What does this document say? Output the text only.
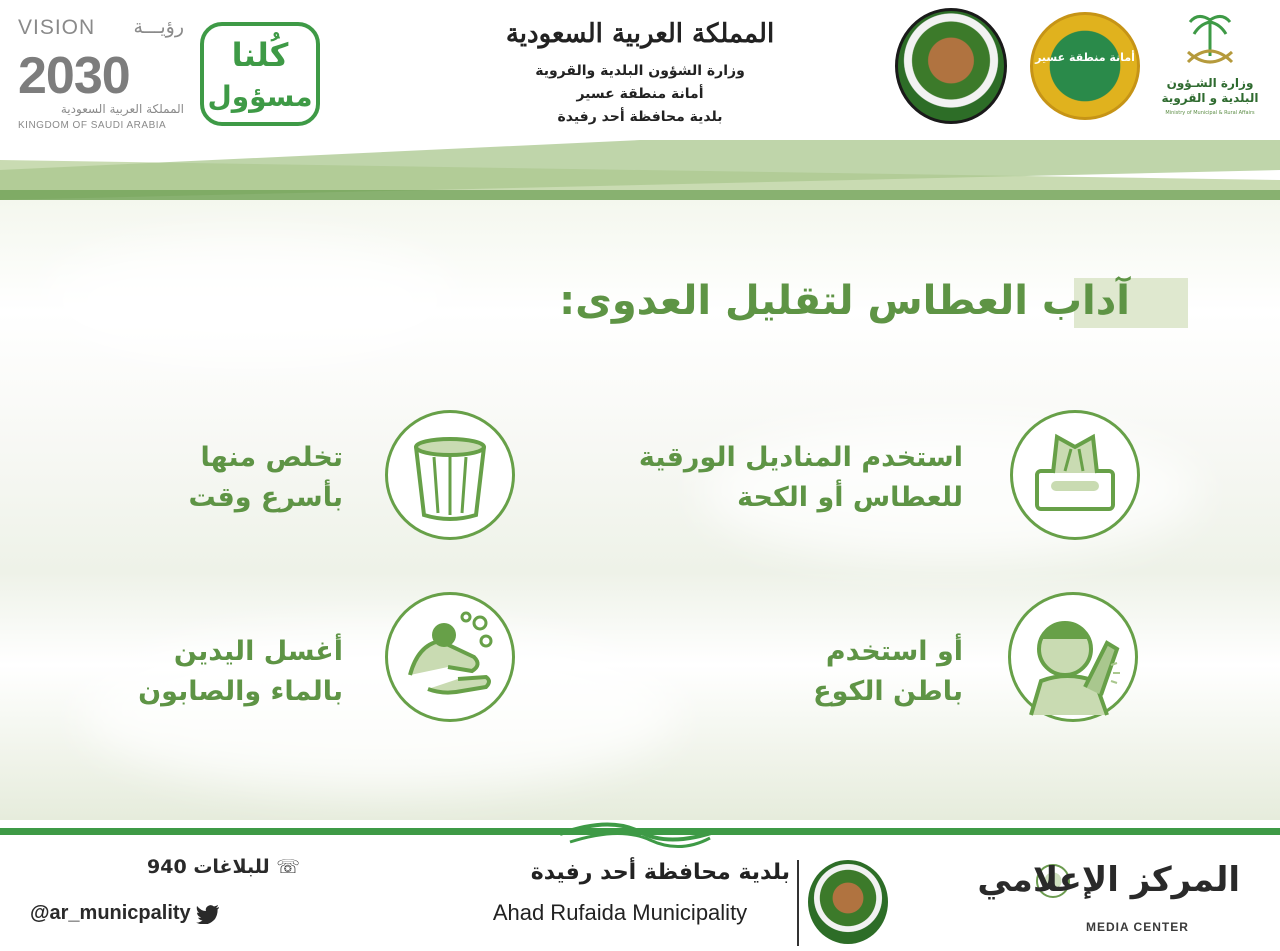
VISION رؤيـــة
2030
المملكة العربية السعودية
KINGDOM OF SAUDI ARABIA
كُلنا
مسؤول
المملكة العربية السعودية
وزارة الشؤون البلدية والقروية
أمانة منطقة عسير
بلدية محافظة أحد رفيدة
أمانة منطقة عسير
وزارة الشـؤون البلدية و القروية
Ministry of Municipal & Rural Affairs
آداب العطاس لتقليل العدوى:
استخدم المناديل الورقية
للعطاس أو الكحة
تخلص منها
بأسرع وقت
أو استخدم
باطن الكوع
أغسل اليدين
بالماء والصابون
☏ للبلاغات 940
@ar_municpality
بلدية محافظة أحد رفيدة
Ahad Rufaida Municipality
المركز الإعلامي
MEDIA CENTER
